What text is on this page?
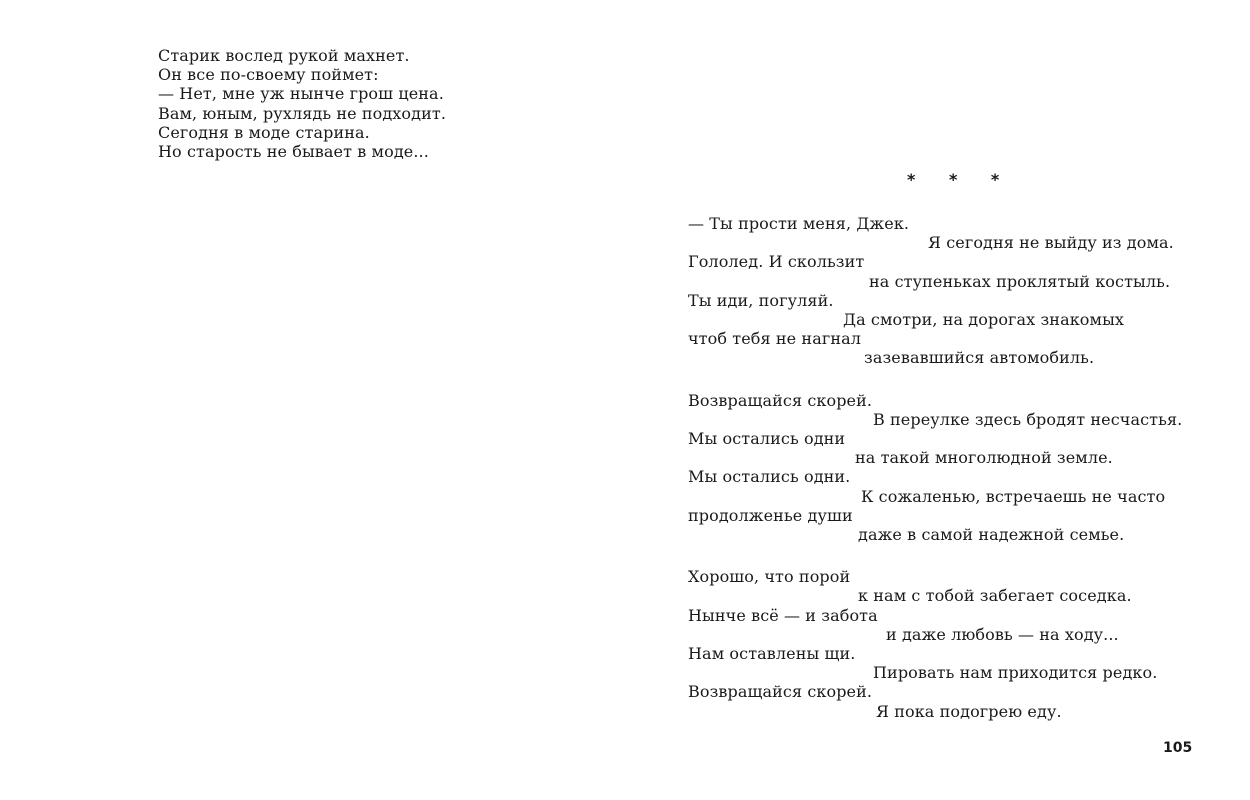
Старик вослед рукой махнет.
Он все по-своему поймет:
— Нет, мне уж нынче грош цена.
Вам, юным, рухлядь не подходит.
Сегодня в моде старина.
Но старость не бывает в моде...
* * *
— Ты прости меня, Джек.
Я сегодня не выйду из дома.
Гололед. И скользит
на ступеньках проклятый костыль.
Ты иди, погуляй.
Да смотри, на дорогах знакомых
чтоб тебя не нагнал
зазевавшийся автомобиль.
Возвращайся скорей.
В переулке здесь бродят несчастья.
Мы остались одни
на такой многолюдной земле.
Мы остались одни.
К сожаленью, встречаешь не часто
продолженье души
даже в самой надежной семье.
Хорошо, что порой
к нам с тобой забегает соседка.
Нынче всё — и забота
и даже любовь — на ходу...
Нам оставлены щи.
Пировать нам приходится редко.
Возвращайся скорей.
Я пока подогрею еду.
105
